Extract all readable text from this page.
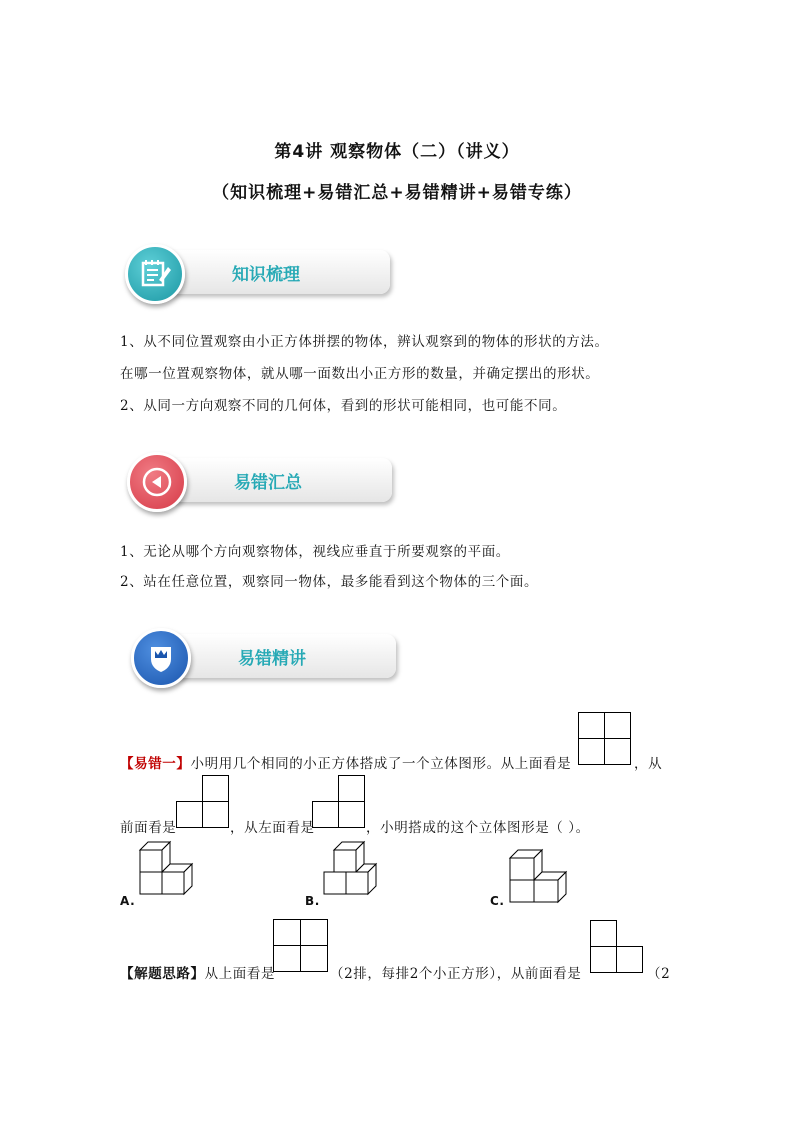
第4讲 观察物体（二）（讲义）
（知识梳理+易错汇总+易错精讲+易错专练）
知识梳理
1、从不同位置观察由小正方体拼摆的物体，辨认观察到的物体的形状的方法。
在哪一位置观察物体，就从哪一面数出小正方形的数量，并确定摆出的形状。
2、从同一方向观察不同的几何体，看到的形状可能相同，也可能不同。
易错汇总
1、无论从哪个方向观察物体，视线应垂直于所要观察的平面。
2、站在任意位置，观察同一物体，最多能看到这个物体的三个面。
易错精讲
【易错一】小明用几个相同的小正方体搭成了一个立体图形。从上面看是	，从
前面看是	，从左面看是	，小明搭成的这个立体图形是（ ）。
A.	B.	C.
【解题思路】从上面看是	（2排，每排2个小正方形），从前面看是	（2
